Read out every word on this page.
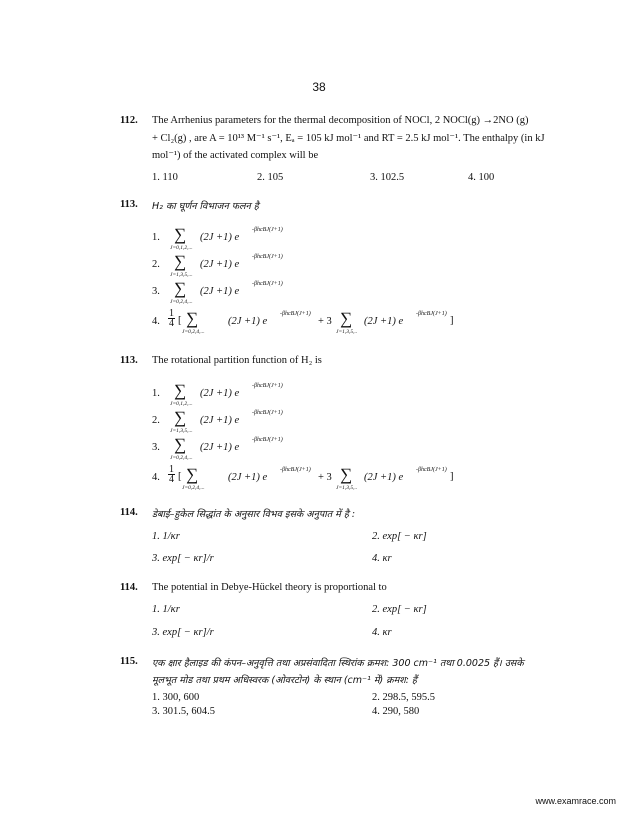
38
112. The Arrhenius parameters for the thermal decomposition of NOCl, 2 NOCl(g) →2NO (g)
+ Cl₂(g) , are A = 10¹³ M⁻¹ s⁻¹, Eₐ = 105 kJ mol⁻¹ and RT = 2.5 kJ mol⁻¹. The enthalpy (in kJ
mol⁻¹) of the activated complex will be
1. 110	2. 105	3. 102.5	4. 100
113. H₂ का घूर्णन विभाजन फलन है
1. ∑
J=0,1,2,...
(2J +1) e
-βhcBJ(J+1)
2. ∑
J=1,3,5,...
(2J +1) e
-βhcBJ(J+1)
3. ∑
J=0,2,4,...
(2J +1) e
-βhcBJ(J+1)
4. $\frac{1}{4}$ [ ∑
J=0,2,4,...
(2J +1) e
-βhcBJ(J+1)
+ 3 ∑
J=1,3,5,..
(2J +1) e
-βhcBJ(J+1)
]
113. The rotational partition function of H₂ is
1. ∑
J=0,1,2,...
(2J +1) e
-βhcBJ(J+1)
2. ∑
J=1,3,5,...
(2J +1) e
-βhcBJ(J+1)
3. ∑
J=0,2,4,...
(2J +1) e
-βhcBJ(J+1)
4. $\frac{1}{4}$ [ ∑
J=0,2,4,...
(2J +1) e
-βhcBJ(J+1)
+ 3 ∑
J=1,3,5,..
(2J +1) e
-βhcBJ(J+1)
]
114. डेबाई–हुकेल सिद्धांत के अनुसार विभव इसके अनुपात में है :
1. 1/κr	2. exp[ − κr]
3. exp[ − κr]/r	4. κr
114. The potential in Debye-Hückel theory is proportional to
1. 1/κr	2. exp[ − κr]
3. exp[ − κr]/r	4. κr
115. एक क्षार हैलाइड की कंपन–अनुवृत्ति तथा अप्रसंवादिता स्थिरांक क्रमश: 300 cm⁻¹ तथा 0.0025 हैं। उसके
मूलभूत मोड तथा प्रथम अधिस्वरक (ओवरटोन) के स्थान (cm⁻¹ में) क्रमश: हैं
1. 300, 600	2. 298.5, 595.5
3. 301.5, 604.5	4. 290, 580
www.examrace.com
